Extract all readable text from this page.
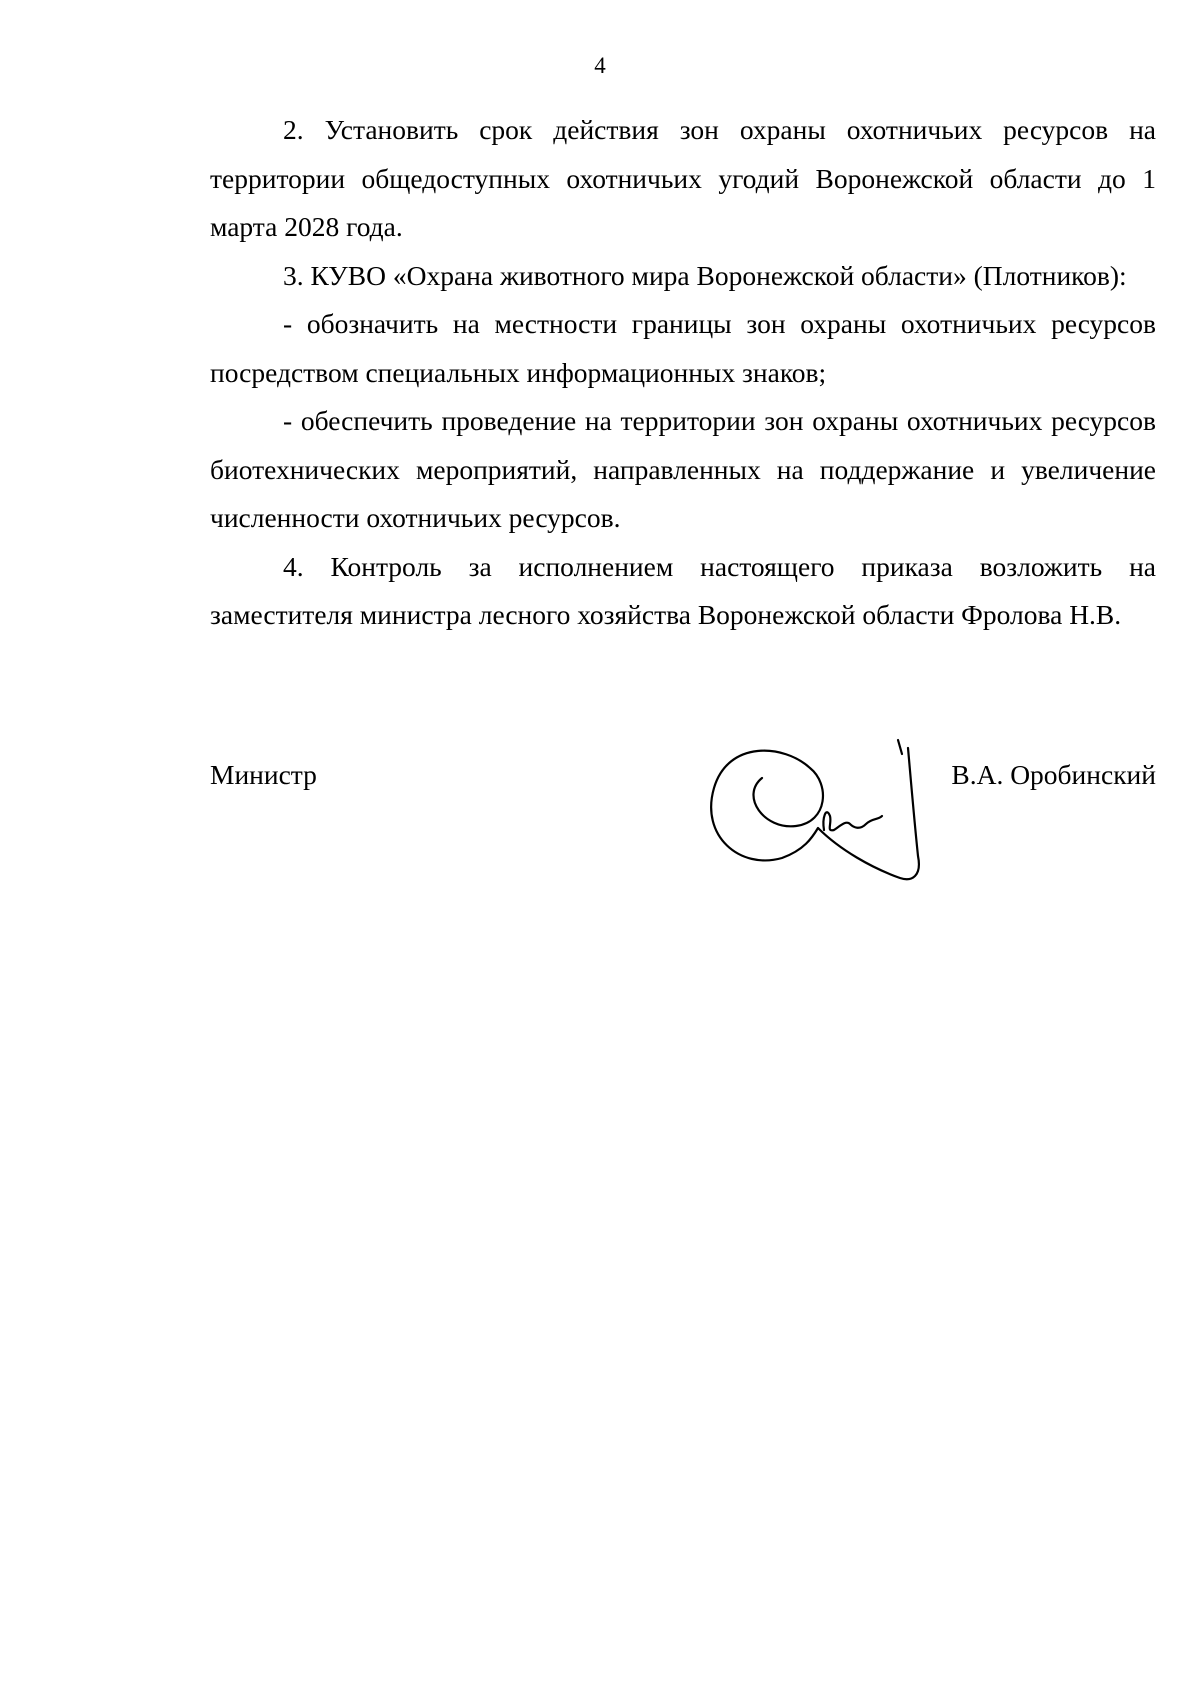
4

2. Установить срок действия зон охраны охотничьих ресурсов на территории общедоступных охотничьих угодий Воронежской области до 1 марта 2028 года.

3. КУВО «Охрана животного мира Воронежской области» (Плотников):

- обозначить на местности границы зон охраны охотничьих ресурсов посредством специальных информационных знаков;

- обеспечить проведение на территории зон охраны охотничьих ресурсов биотехнических мероприятий, направленных на поддержание и увеличение численности охотничьих ресурсов.

4. Контроль за исполнением настоящего приказа возложить на заместителя министра лесного хозяйства Воронежской области Фролова Н.В.

Министр	В.А. Оробинский
